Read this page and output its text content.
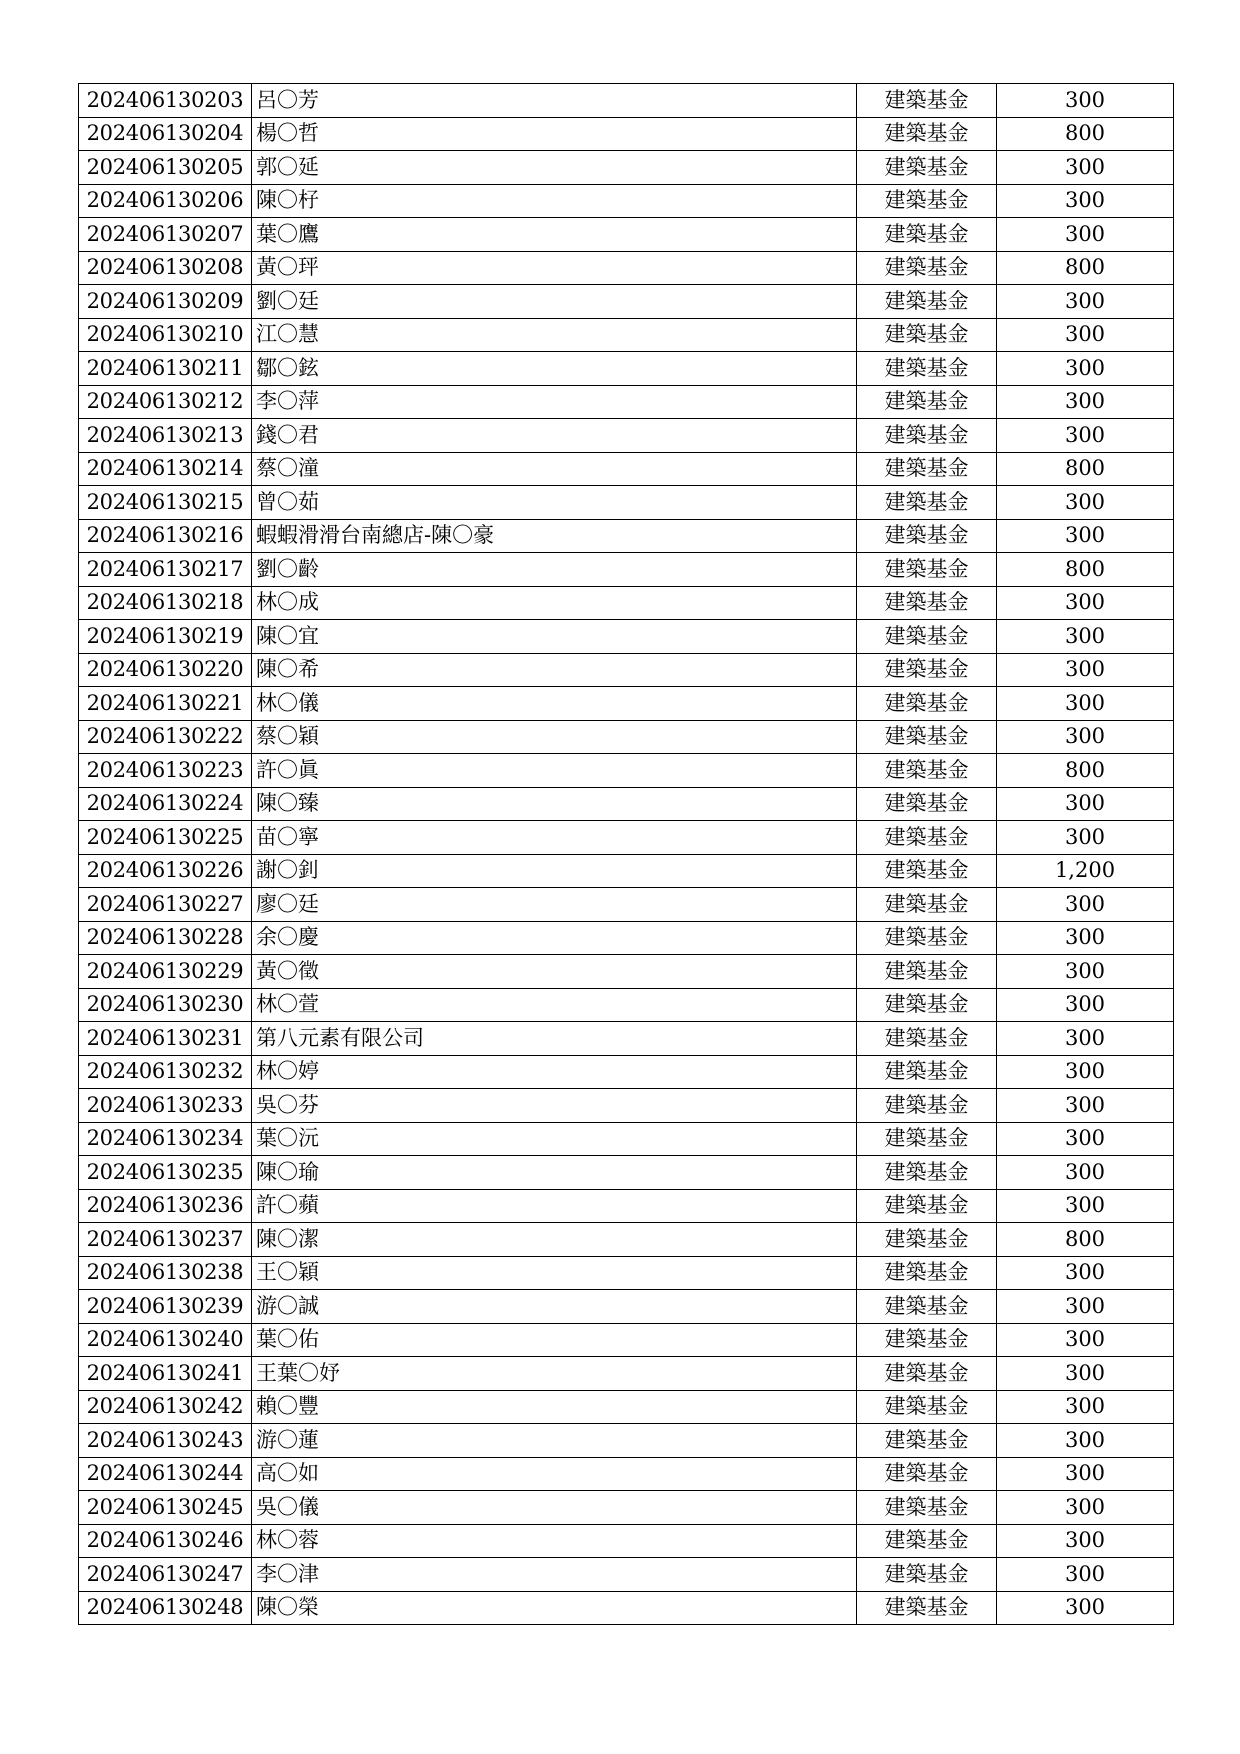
202406130203	呂〇芳	建築基金	300
202406130204	楊〇哲	建築基金	800
202406130205	郭〇延	建築基金	300
202406130206	陳〇杍	建築基金	300
202406130207	葉〇鷹	建築基金	300
202406130208	黃〇玶	建築基金	800
202406130209	劉〇廷	建築基金	300
202406130210	江〇慧	建築基金	300
202406130211	鄒〇鉉	建築基金	300
202406130212	李〇萍	建築基金	300
202406130213	錢〇君	建築基金	300
202406130214	蔡〇潼	建築基金	800
202406130215	曾〇茹	建築基金	300
202406130216	蝦蝦滑滑台南總店-陳〇豪	建築基金	300
202406130217	劉〇齡	建築基金	800
202406130218	林〇成	建築基金	300
202406130219	陳〇宜	建築基金	300
202406130220	陳〇希	建築基金	300
202406130221	林〇儀	建築基金	300
202406130222	蔡〇穎	建築基金	300
202406130223	許〇眞	建築基金	800
202406130224	陳〇臻	建築基金	300
202406130225	苗〇寧	建築基金	300
202406130226	謝〇釗	建築基金	1,200
202406130227	廖〇廷	建築基金	300
202406130228	余〇慶	建築基金	300
202406130229	黃〇徵	建築基金	300
202406130230	林〇萱	建築基金	300
202406130231	第八元素有限公司	建築基金	300
202406130232	林〇婷	建築基金	300
202406130233	吳〇芬	建築基金	300
202406130234	葉〇沅	建築基金	300
202406130235	陳〇瑜	建築基金	300
202406130236	許〇蘋	建築基金	300
202406130237	陳〇潔	建築基金	800
202406130238	王〇穎	建築基金	300
202406130239	游〇誠	建築基金	300
202406130240	葉〇佑	建築基金	300
202406130241	王葉〇妤	建築基金	300
202406130242	賴〇豐	建築基金	300
202406130243	游〇蓮	建築基金	300
202406130244	高〇如	建築基金	300
202406130245	吳〇儀	建築基金	300
202406130246	林〇蓉	建築基金	300
202406130247	李〇津	建築基金	300
202406130248	陳〇榮	建築基金	300
